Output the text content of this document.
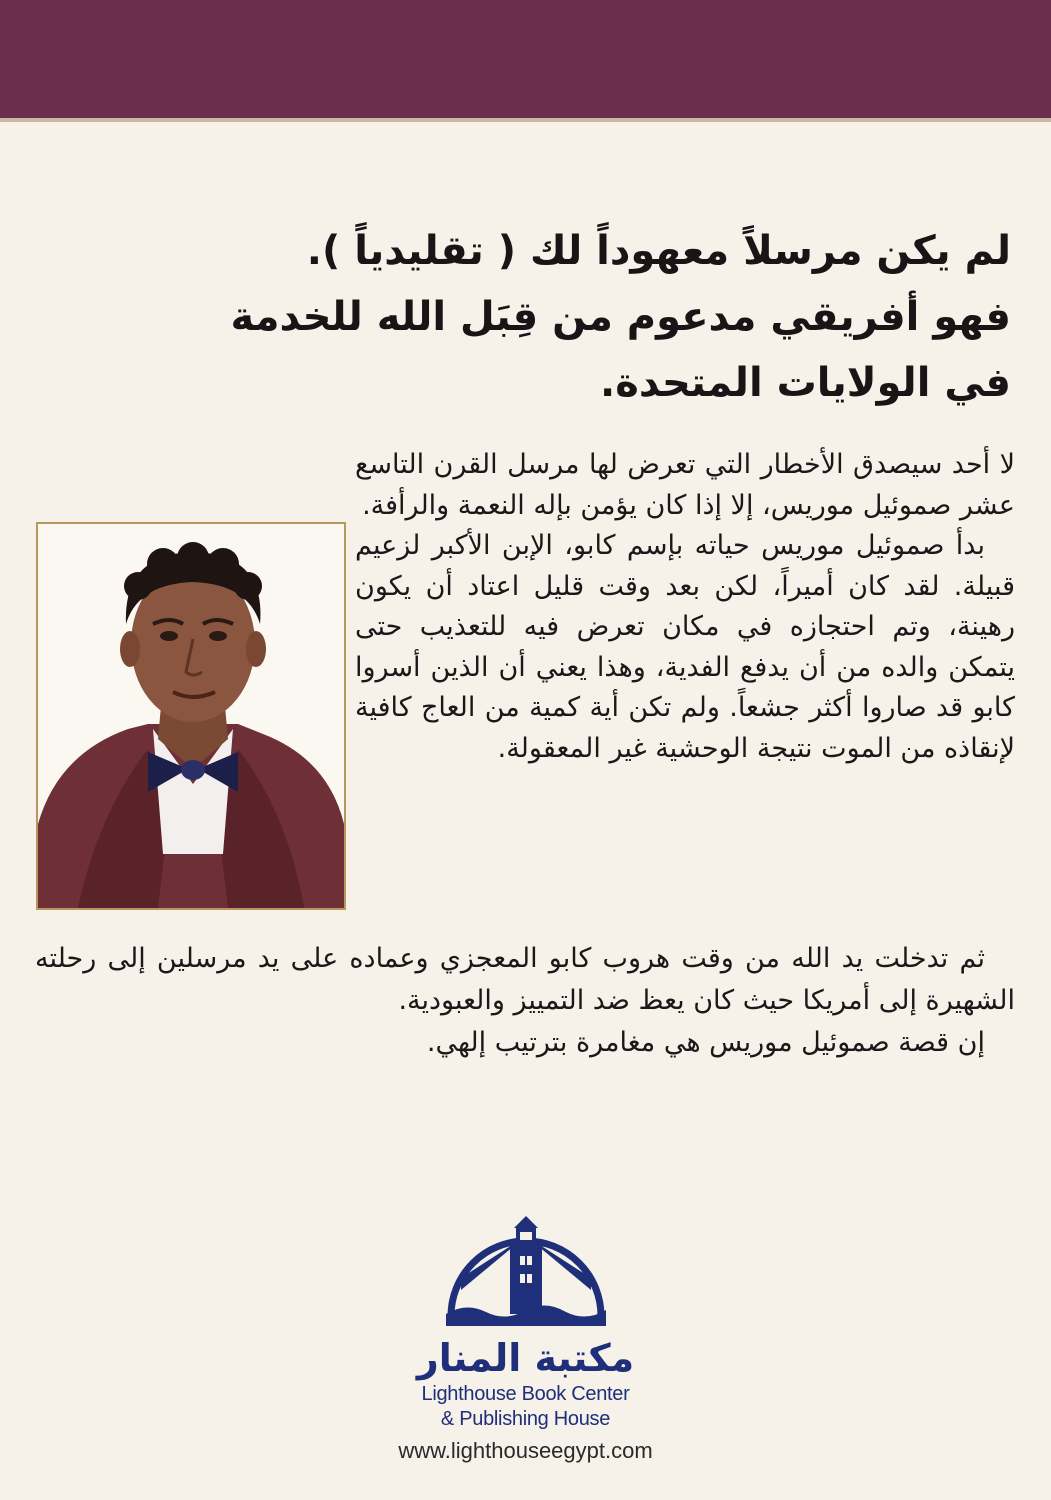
لم يكن مرسلاً معهوداً لك ( تقليدياً ).
فهو أفريقي مدعوم من قِبَل الله للخدمة
في الولايات المتحدة.

لا أحد سيصدق الأخطار التي تعرض لها مرسل القرن التاسع عشر صموئيل موريس، إلا إذا كان يؤمن بإله النعمة والرأفة.

بدأ صموئيل موريس حياته بإسم كابو، الإبن الأكبر لزعيم قبيلة. لقد كان أميراً، لكن بعد وقت قليل اعتاد أن يكون رهينة، وتم احتجازه في مكان تعرض فيه للتعذيب حتى يتمكن والده من أن يدفع الفدية، وهذا يعني أن الذين أسروا كابو قد صاروا أكثر جشعاً. ولم تكن أية كمية من العاج كافية لإنقاذه من الموت نتيجة الوحشية غير المعقولة.

ثم تدخلت يد الله من وقت هروب كابو المعجزي وعماده على يد مرسلين إلى رحلته الشهيرة إلى أمريكا حيث كان يعظ ضد التمييز والعبودية.

إن قصة صموئيل موريس هي مغامرة بترتيب إلهي.

مكتبة المنار
Lighthouse Book Center
& Publishing House
www.lighthouseegypt.com
